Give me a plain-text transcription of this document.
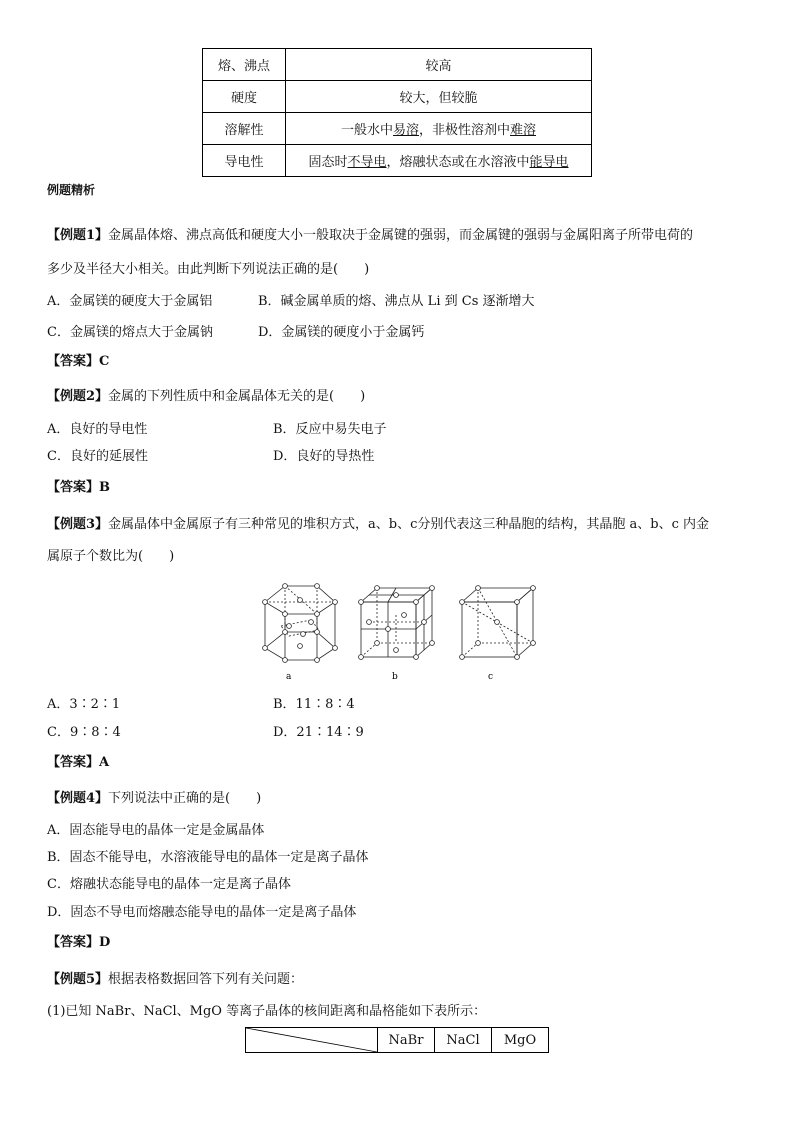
熔、沸点	较高
硬度	较大，但较脆
溶解性	一般水中易溶，非极性溶剂中难溶
导电性	固态时不导电，熔融状态或在水溶液中能导电
例题精析
【例题1】金属晶体熔、沸点高低和硬度大小一般取决于金属键的强弱，而金属键的强弱与金属阳离子所带电荷的
多少及半径大小相关。由此判断下列说法正确的是(　　)
A．金属镁的硬度大于金属铝	B．碱金属单质的熔、沸点从 Li 到 Cs 逐渐增大
C．金属镁的熔点大于金属钠	D．金属镁的硬度小于金属钙
【答案】C
【例题2】金属的下列性质中和金属晶体无关的是(　　)
A．良好的导电性	B．反应中易失电子
C．良好的延展性	D．良好的导热性
【答案】B
【例题3】金属晶体中金属原子有三种常见的堆积方式，a、b、c分别代表这三种晶胞的结构，其晶胞 a、b、c 内金
属原子个数比为(　　)
a	b	c
A．3∶2∶1	B．11∶8∶4
C．9∶8∶4	D．21∶14∶9
【答案】A
【例题4】下列说法中正确的是(　　)
A．固态能导电的晶体一定是金属晶体
B．固态不能导电，水溶液能导电的晶体一定是离子晶体
C．熔融状态能导电的晶体一定是离子晶体
D．固态不导电而熔融态能导电的晶体一定是离子晶体
【答案】D
【例题5】根据表格数据回答下列有关问题：
(1)已知 NaBr、NaCl、MgO 等离子晶体的核间距离和晶格能如下表所示：
	NaBr	NaCl	MgO
